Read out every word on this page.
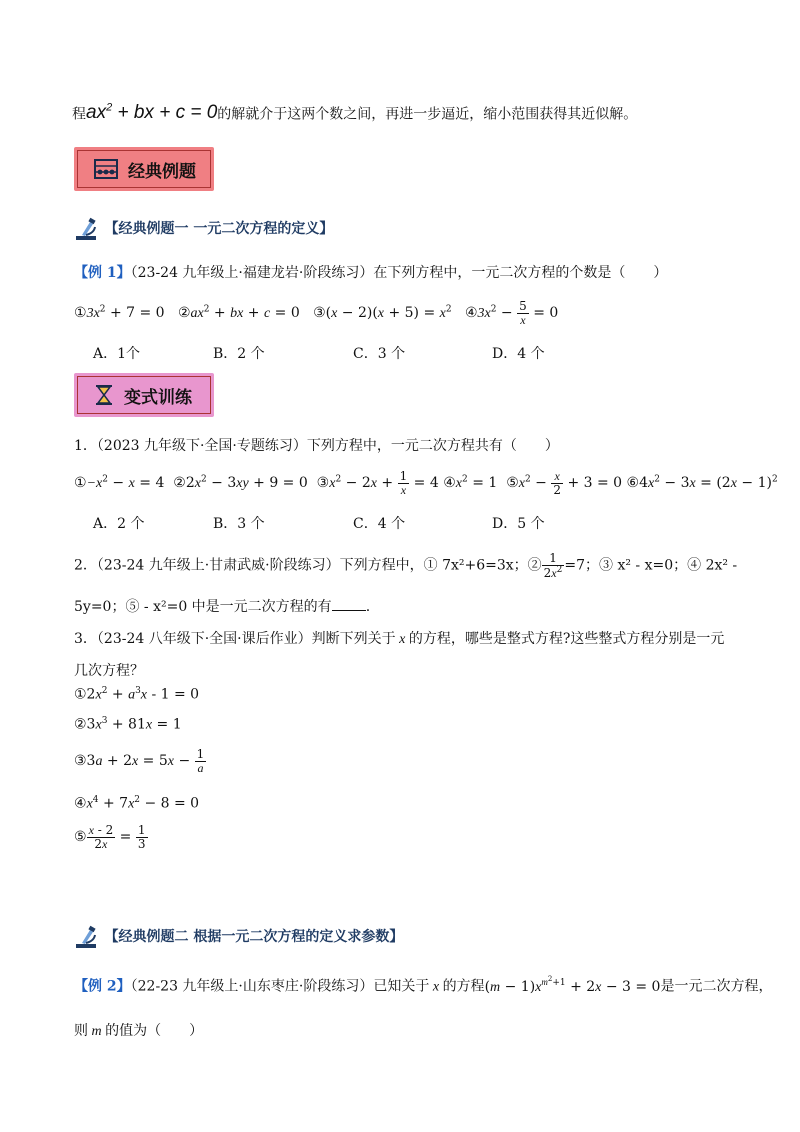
程$ax^2$ + bx + c = 0的解就介于这两个数之间，再进一步逼近，缩小范围获得其近似解。
经典例题
【经典例题一 一元二次方程的定义】
【例 1】（23-24 九年级上·福建龙岩·阶段练习）在下列方程中，一元二次方程的个数是（　　）
$①3x^2 + 7 = 0$ $②ax^2$ + bx + c = 0 ③(x − $2)(x + 5) = x^2$ $④3x^2 - \frac{5}{x} = 0$
A．1个	B．2 个	C．3 个	D．4 个
变式训练
1．（2023 九年级下·全国·专题练习）下列方程中，一元二次方程共有（　　）
$①-x^2 - x = 4$ $②2x^2 - 3xy + 9 = 0$ $③x^2 - 2x + \frac{1}{x} = 4$ $④x^2 = 1$ $⑤x^2 - \frac{x}{2} + 3 = 0$ $⑥4x^2 - 3x = (2x - 1)^2$
A．2 个	B．3 个	C．4 个	D．5 个
2．（23-24 九年级上·甘肃武威·阶段练习）下列方程中，① 7x²+6=3x；② $\frac{1}{2x^2} =7$；③ x² - x=0；④ 2x² -
5y=0；⑤ - x²=0 中是一元二次方程的有 .
3．（23-24 八年级下·全国·课后作业）判断下列关于 x 的方程，哪些是整式方程?这些整式方程分别是一元
几次方程？
$①2x^2 + a^3x - 1 = 0$
$②3x^3 + 81x = 1$
③3a + $2x = 5x - \frac{1}{a}$
$④x^4 + 7x^2 - 8 = 0$
⑤ $\frac{x - 2}{2x} = \frac{1}{3}$
【经典例题二 根据一元二次方程的定义求参数】
【例 2】（22-23 九年级上·山东枣庄·阶段练习）已知关于 x 的方程$(m - 1)x^{m^2+1} + 2x - 3 = 0$是一元二次方程，
则 m 的值为（　　）
